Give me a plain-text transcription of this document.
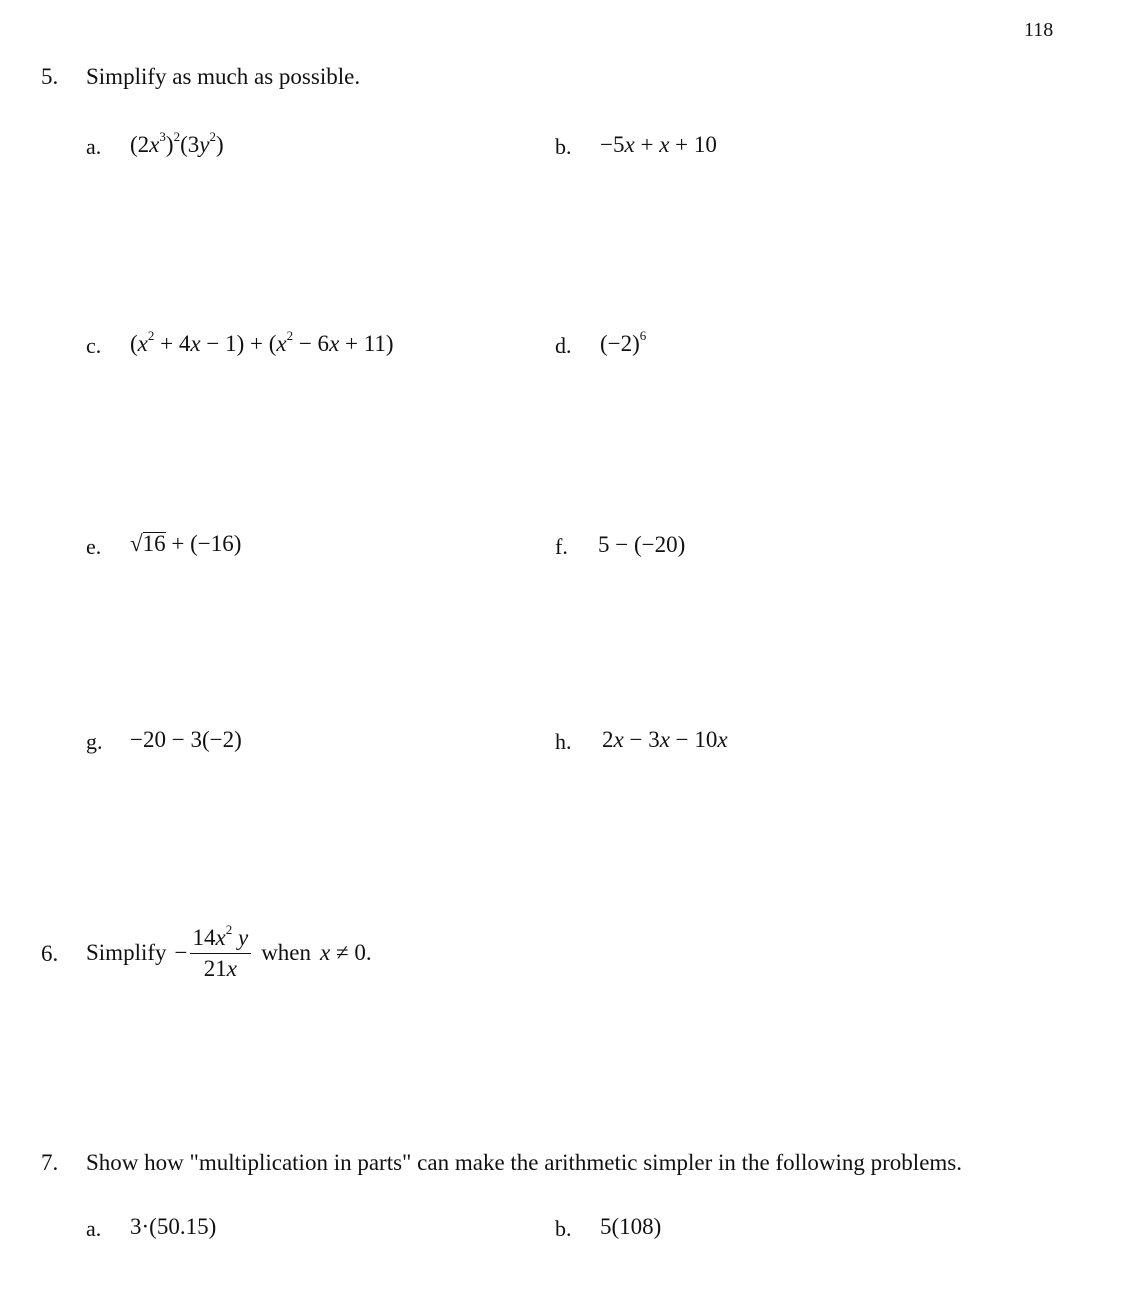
118
5. Simplify as much as possible.
a. $(2x^3)^2(3y^2)$	b. −5x + x + 10
c. $(x^2 + 4x - 1) + (x^2 - 6x + 11)$	d. $(-2)^6$
e. √16 + (−16)	f. 5 − (−20)
g. −20 − 3(−2)	h. 2x − 3x − 10x
6. Simplify − $\frac{14x^2 y}{21x}$ when x ≠ 0 .
7. Show how "multiplication in parts" can make the arithmetic simpler in the following problems.
a. 3·(50.15)	b. 5(108)
